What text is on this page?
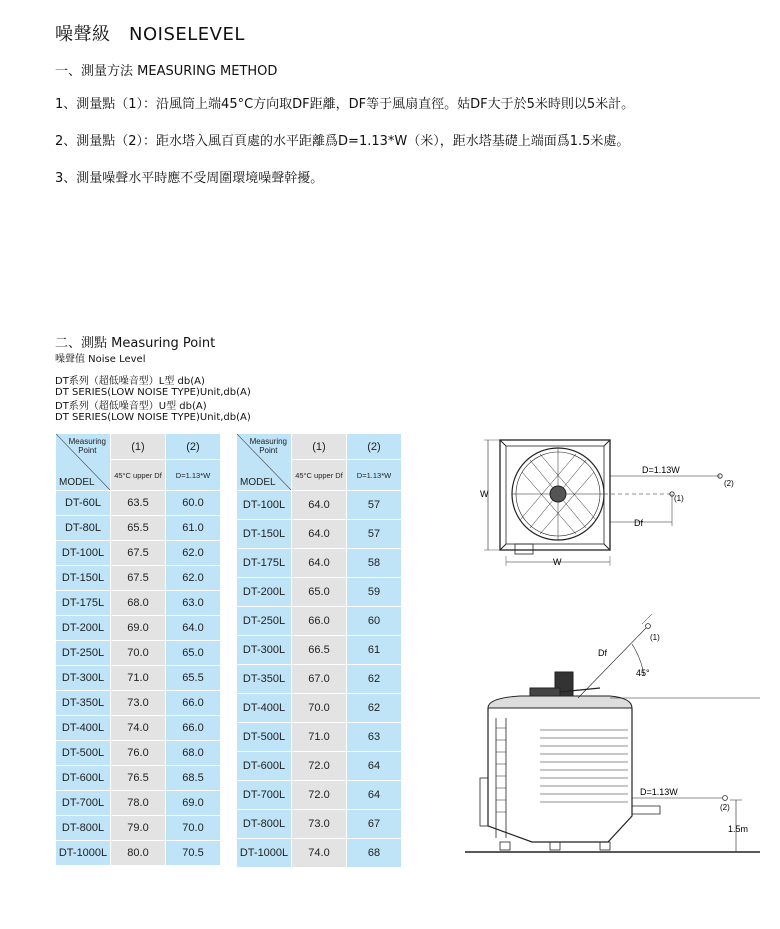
噪聲級　NOISELEVEL
一、測量方法 MEASURING METHOD
1、測量點（1）：沿風筒上端45°C方向取DF距離，DF等于風扇直徑。姑DF大于於5米時則以5米計。
2、測量點（2）：距水塔入風百頁處的水平距離爲D=1.13*W（米），距水塔基礎上端面爲1.5米處。
3、測量噪聲水平時應不受周圍環境噪聲幹擾。
二、測點 Measuring Point
噪聲值 Noise Level
DT系列（超低噪音型）L型 db(A)
DT SERIES(LOW NOISE TYPE)Unit,db(A)
DT系列（超低噪音型）U型 db(A)
DT SERIES(LOW NOISE TYPE)Unit,db(A)
Measuring
Point
MODEL	(1)	(2)
	45°C upper Df	D=1.13*W
DT-60L	63.5	60.0
DT-80L	65.5	61.0
DT-100L	67.5	62.0
DT-150L	67.5	62.0
DT-175L	68.0	63.0
DT-200L	69.0	64.0
DT-250L	70.0	65.0
DT-300L	71.0	65.5
DT-350L	73.0	66.0
DT-400L	74.0	66.0
DT-500L	76.0	68.0
DT-600L	76.5	68.5
DT-700L	78.0	69.0
DT-800L	79.0	70.0
DT-1000L	80.0	70.5
Measuring
Point
MODEL	(1)	(2)
	45°C upper Df	D=1.13*W
DT-100L	64.0	57
DT-150L	64.0	57
DT-175L	64.0	58
DT-200L	65.0	59
DT-250L	66.0	60
DT-300L	66.5	61
DT-350L	67.0	62
DT-400L	70.0	62
DT-500L	71.0	63
DT-600L	72.0	64
DT-700L	72.0	64
DT-800L	73.0	67
DT-1000L	74.0	68
W
W
D=1.13W
(2)
(1)
Df
Df
(1)
45°
D=1.13W
(2)
1.5m
